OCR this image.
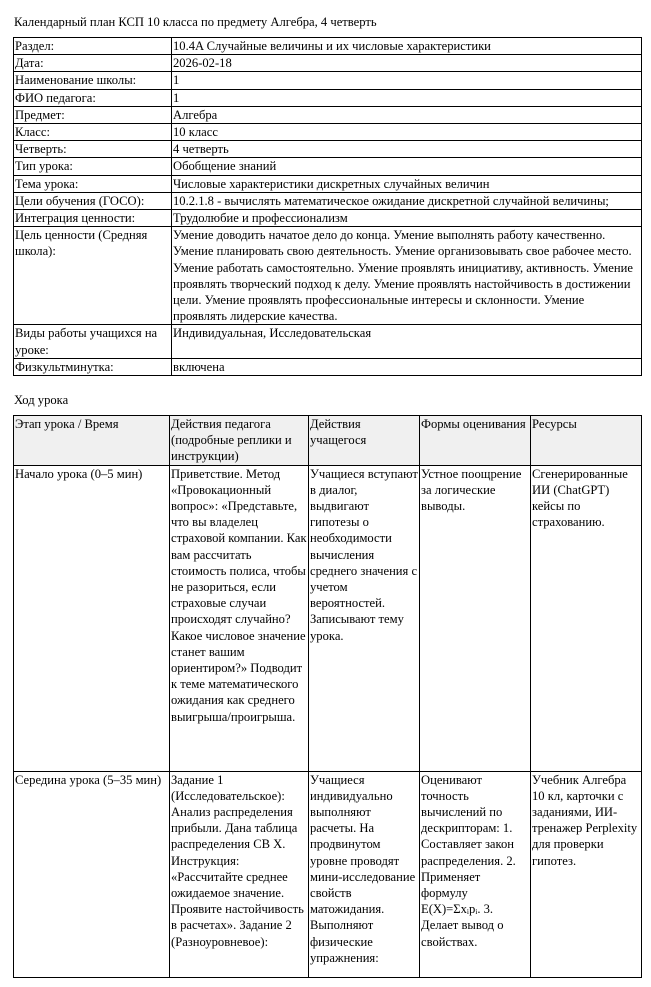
Календарный план КСП 10 класса по предмету Алгебра, 4 четверть
Раздел:	10.4A Случайные величины и их числовые характеристики
Дата:	2026-02-18
Наименование школы:	1
ФИО педагога:	1
Предмет:	Алгебра
Класс:	10 класс
Четверть:	4 четверть
Тип урока:	Обобщение знаний
Тема урока:	Числовые характеристики дискретных случайных величин
Цели обучения (ГОСО):	10.2.1.8 - вычислять математическое ожидание дискретной случайной величины;
Интеграция ценности:	Трудолюбие и профессионализм
Цель ценности (Средняя школа):	Умение доводить начатое дело до конца. Умение выполнять работу качественно. Умение планировать свою деятельность. Умение организовывать свое рабочее место. Умение работать самостоятельно. Умение проявлять инициативу, активность. Умение проявлять творческий подход к делу. Умение проявлять настойчивость в достижении цели. Умение проявлять профессиональные интересы и склонности. Умение проявлять лидерские качества.
Виды работы учащихся на уроке:	Индивидуальная, Исследовательская
Физкультминутка:	включена
Ход урока
Этап урока / Время	Действия педагога (подробные реплики и инструкции)	Действия учащегося	Формы оценивания	Ресурсы
Начало урока (0–5 мин)	Приветствие. Метод «Провокационный вопрос»: «Представьте, что вы владелец страховой компании. Как вам рассчитать стоимость полиса, чтобы не разориться, если страховые случаи происходят случайно? Какое числовое значение станет вашим ориентиром?» Подводит к теме математического ожидания как среднего выигрыша/проигрыша.	Учащиеся вступают в диалог, выдвигают гипотезы о необходимости вычисления среднего значения с учетом вероятностей. Записывают тему урока.	Устное поощрение за логические выводы.	Сгенерированные ИИ (ChatGPT) кейсы по страхованию.
Середина урока (5–35 мин)	Задание 1 (Исследовательское): Анализ распределения прибыли. Дана таблица распределения СВ X. Инструкция: «Рассчитайте среднее ожидаемое значение. Проявите настойчивость в расчетах». Задание 2 (Разноуровневое):	Учащиеся индивидуально выполняют расчеты. На продвинутом уровне проводят мини-исследование свойств матожидания. Выполняют физические упражнения:	Оценивают точность вычислений по дескрипторам: 1. Составляет закон распределения. 2. Применяет формулу E(X)=Σxᵢpᵢ. 3. Делает вывод о свойствах.	Учебник Алгебра 10 кл, карточки с заданиями, ИИ-тренажер Perplexity для проверки гипотез.
